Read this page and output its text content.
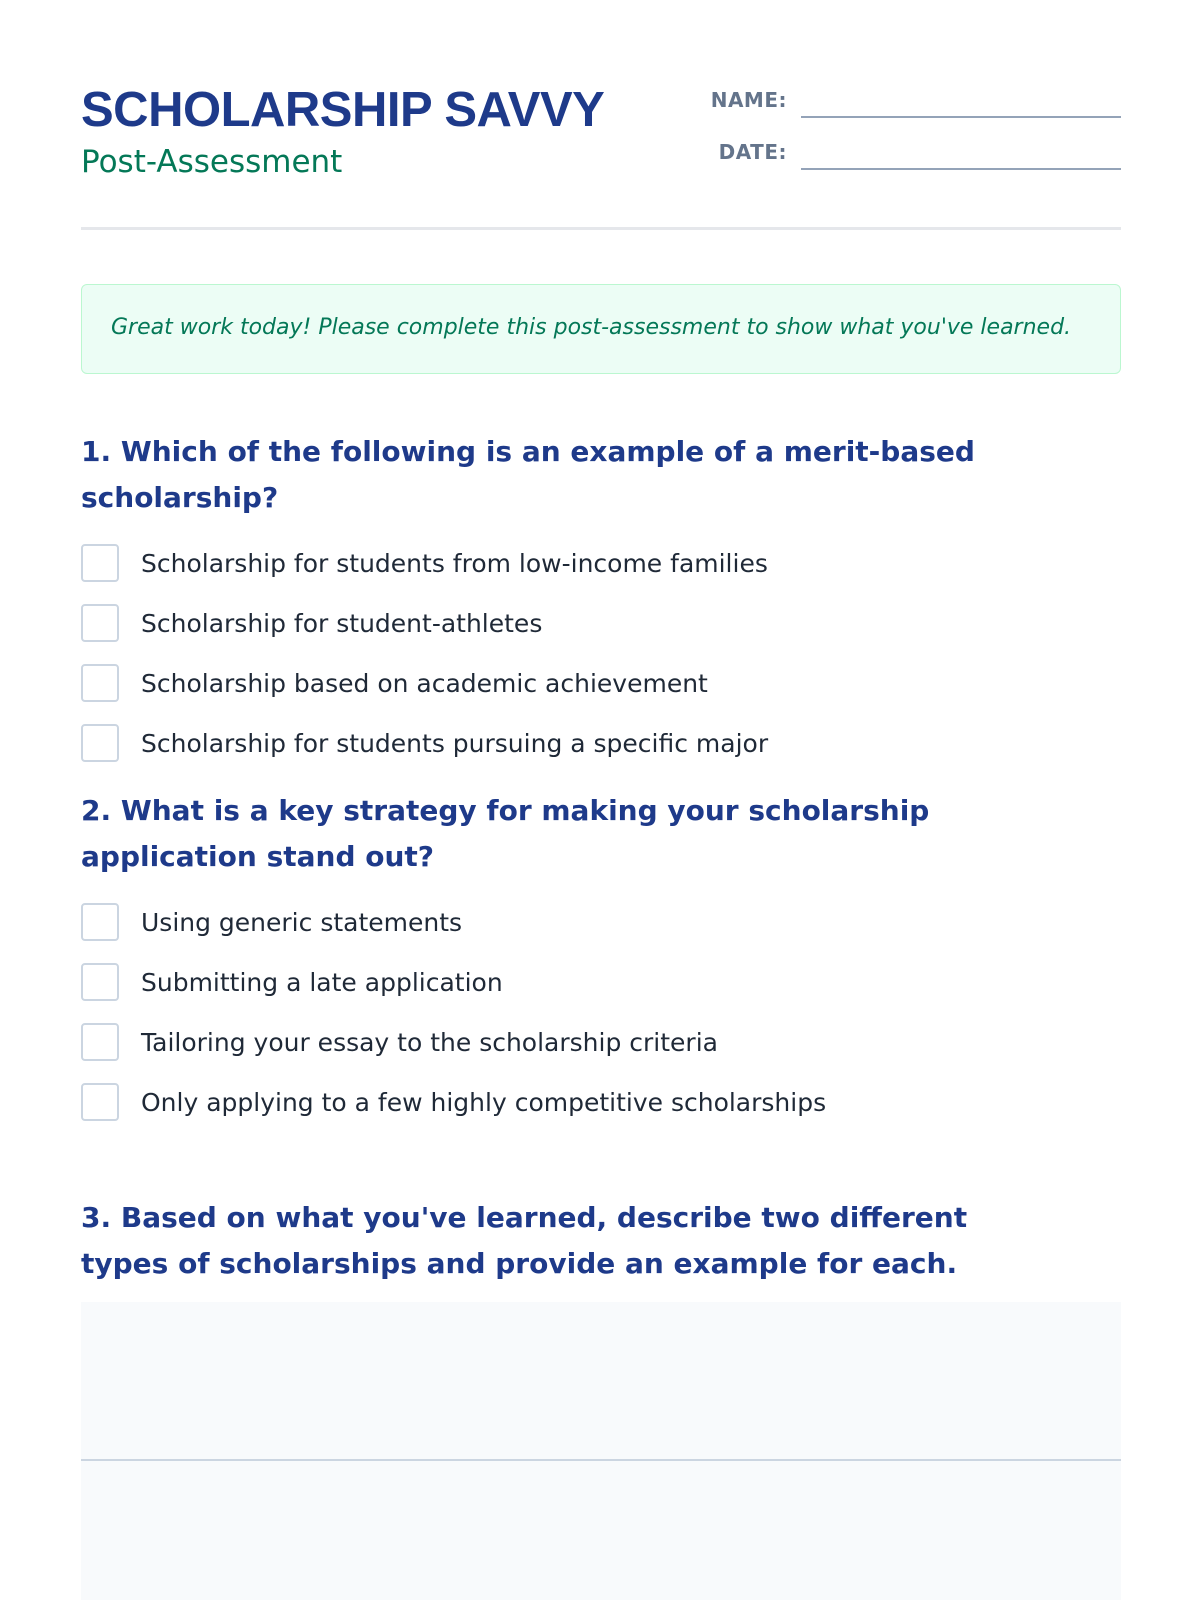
SCHOLARSHIP SAVVY
Post-Assessment
NAME:
DATE:

Great work today! Please complete this post-assessment to show what you've learned.

1. Which of the following is an example of a merit-based scholarship?
Scholarship for students from low-income families
Scholarship for student-athletes
Scholarship based on academic achievement
Scholarship for students pursuing a specific major
2. What is a key strategy for making your scholarship application stand out?
Using generic statements
Submitting a late application
Tailoring your essay to the scholarship criteria
Only applying to a few highly competitive scholarships
3. Based on what you've learned, describe two different types of scholarships and provide an example for each.
